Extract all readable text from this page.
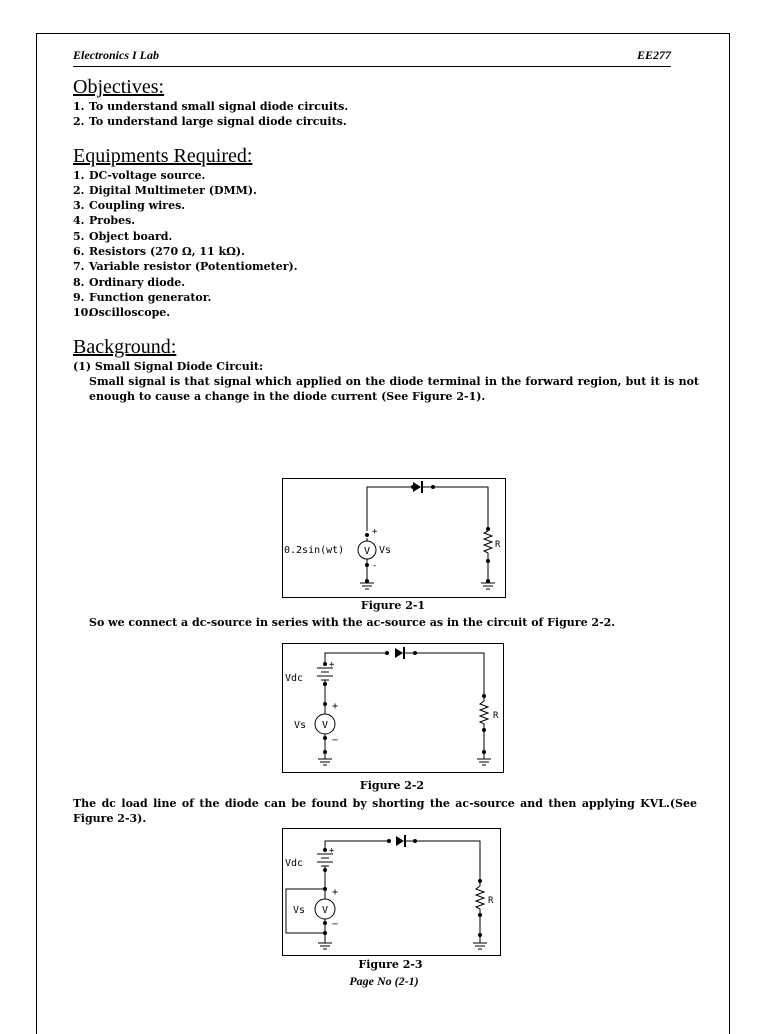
Electronics I Lab	EE277
Objectives:
1. To understand small signal diode circuits.
2. To understand large signal diode circuits.
Equipments Required:
1. DC-voltage source.
2. Digital Multimeter (DMM).
3. Coupling wires.
4. Probes.
5. Object board.
6. Resistors (270 Ω, 11 kΩ).
7. Variable resistor (Potentiometer).
8. Ordinary diode.
9. Function generator.
10.Oscilloscope.
Background:
(1) Small Signal Diode Circuit:
Small signal is that signal which applied on the diode terminal in the forward region, but it is not enough to cause a change in the diode current (See Figure 2-1).
V
0.2sin(wt)	Vs
+
-
R
Figure 2-1
So we connect a dc-source in series with the ac-source as in the circuit of Figure 2-2.
V
Vdc
Vs
+
+
−
R
Figure 2-2
The dc load line of the diode can be found by shorting the ac-source and then applying KVL.(See Figure 2-3).
V
Vdc
Vs
+
+
−
R
Figure 2-3
Page No (2-1)
